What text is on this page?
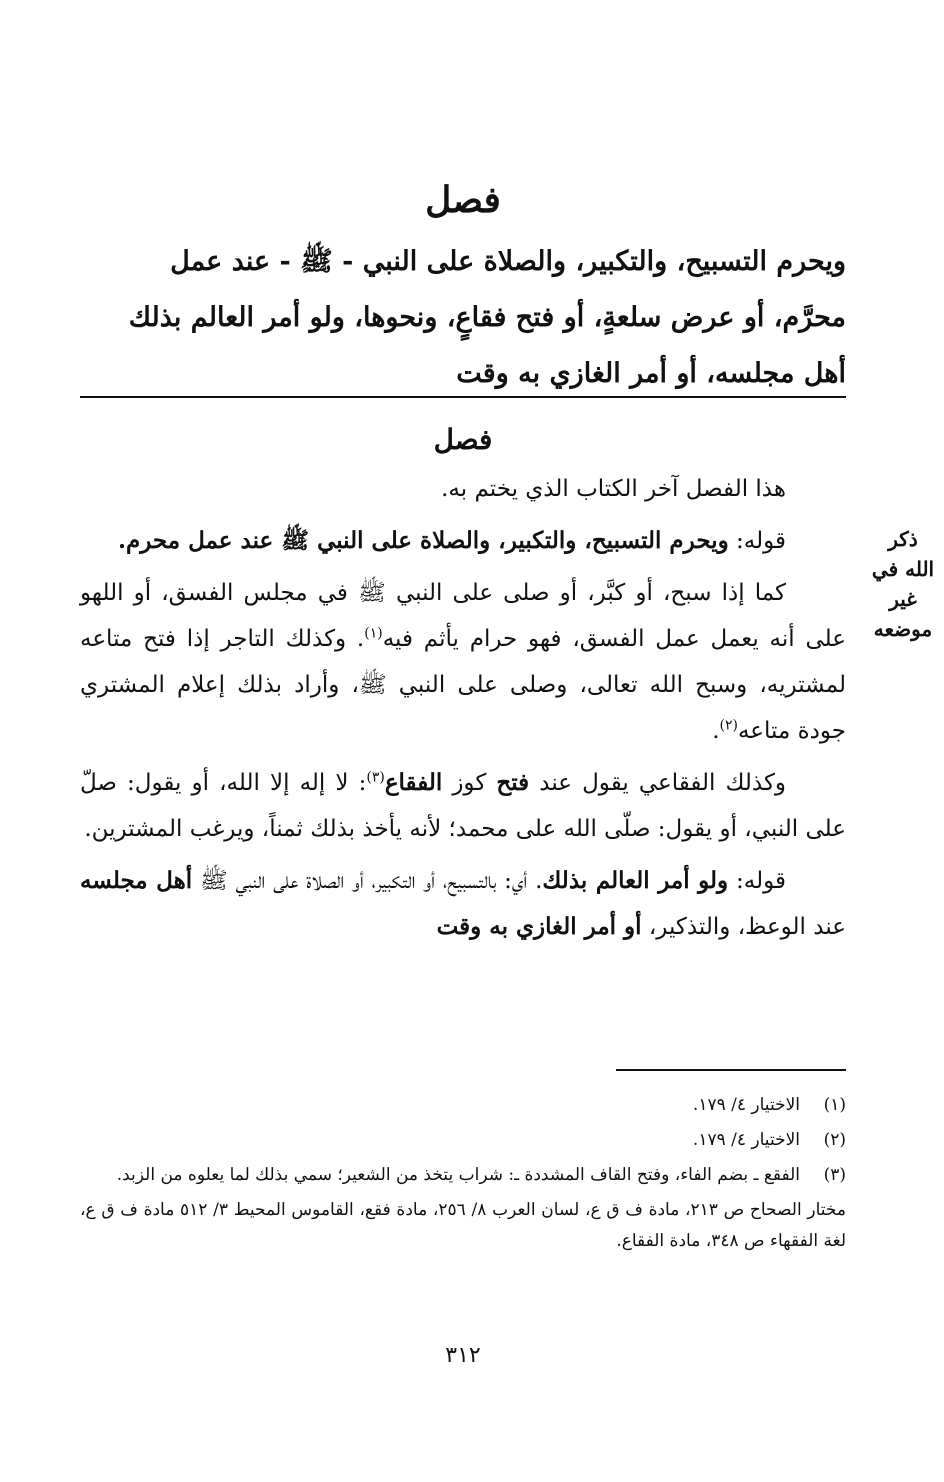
فصل
ويحرم التسبيح، والتكبير، والصلاة على النبي - ﷺ - عند عمل
محرَّم، أو عرض سلعةٍ، أو فتح فقاعٍ، ونحوها، ولو أمر العالم بذلك
أهل مجلسه، أو أمر الغازي به وقت
فصل
ذكر
الله في
غير
موضعه

هذا الفصل آخر الكتاب الذي يختم به.

قوله: ويحرم التسبيح، والتكبير، والصلاة على النبي ﷺ عند عمل محرم.

كما إذا سبح، أو كبَّر، أو صلى على النبي ﷺ في مجلس الفسق، أو اللهو على أنه يعمل عمل الفسق، فهو حرام يأثم فيه$^{(١)}$. وكذلك التاجر إذا فتح متاعه لمشتريه، وسبح الله تعالى، وصلى على النبي ﷺ، وأراد بذلك إعلام المشتري جودة متاعه$^{(٢)}$.

وكذلك الفقاعي يقول عند فتح كوز الفقاع$^{(٣)}$: لا إله إلا الله، أو يقول: صلّ على النبي، أو يقول: صلّى الله على محمد؛ لأنه يأخذ بذلك ثمناً، ويرغب المشترين.

قوله: ولو أمر العالم بذلك. أي: بالتسبيح، أو التكبير، أو الصلاة على النبي ﷺ أهل مجلسه عند الوعظ، والتذكير، أو أمر الغازي به وقت

(١)
الاختيار ٤/ ١٧٩.
(٢)
الاختيار ٤/ ١٧٩.
(٣)
الفقع ـ بضم الفاء، وفتح القاف المشددة ـ: شراب يتخذ من الشعير؛ سمي بذلك لما يعلوه من الزبد.
مختار الصحاح ص ٢١٣، مادة ف ق ع، لسان العرب ٨/ ٢٥٦، مادة فقع، القاموس المحيط ٣/ ٥١٢ مادة ف ق ع، لغة الفقهاء ص ٣٤٨، مادة الفقاع.
٣١٢
